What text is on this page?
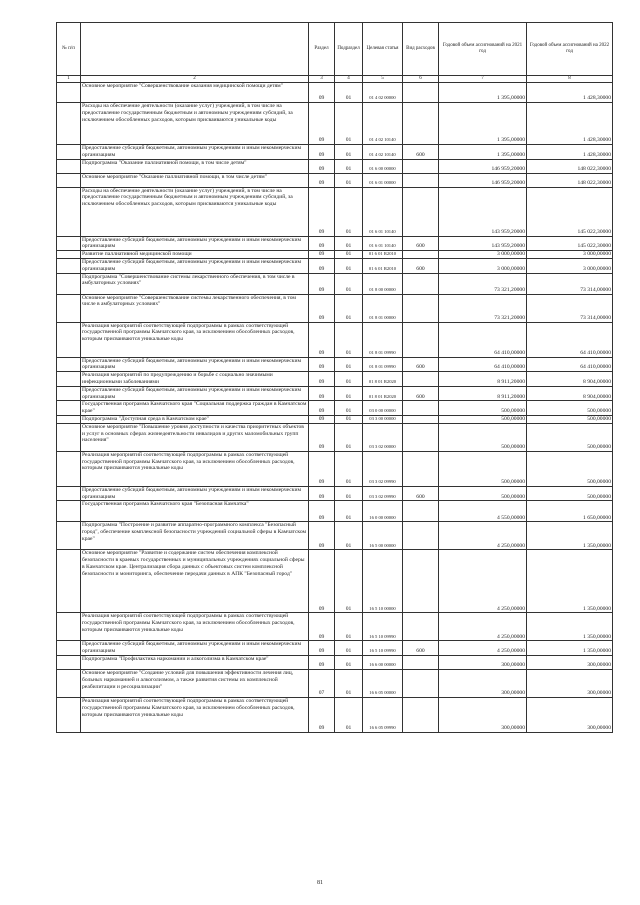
№ п/п		Раздел	Подраздел	Целевая статья	Вид расходов	Годовой объем ассигнований на 2021 год	Годовой объем ассигнований на 2022 год
1	2	3	4	5	6	7	8
	Основное мероприятие "Совершенствование оказания медицинской помощи детям"	09	01	01 4 02 00000		1 395,00000	1 428,30000
	Расходы на обеспечение деятельности (оказание услуг) учреждений, в том числе на предоставление государственным бюджетным и автономным учреждениям субсидий, за исключением обособленных расходов, которым присваиваются уникальные коды	09	01	01 4 02 10140		1 395,00000	1 428,30000
	Предоставление субсидий бюджетным, автономным учреждениям и иным некоммерческим организациям	09	01	01 4 02 10140	600	1 395,00000	1 428,30000
	Подпрограмма "Оказание паллиативной помощи, в том числе детям"	09	01	01 6 00 00000		146 959,20000	148 022,30000
	Основное мероприятие "Оказание паллиативной помощи, в том числе детям"	09	01	01 6 01 00000		146 959,20000	148 022,30000
	Расходы на обеспечение деятельности (оказание услуг) учреждений, в том числе на предоставление государственным бюджетным и автономным учреждениям субсидий, за исключением обособленных расходов, которым присваиваются уникальные коды	09	01	01 6 01 10140		143 959,20000	145 022,30000
	Предоставление субсидий бюджетным, автономным учреждениям и иным некоммерческим организациям	09	01	01 6 01 10140	600	143 959,20000	145 022,30000
	Развитие паллиативной медицинской помощи	09	01	01 6 01 R2010		3 000,00000	3 000,00000
	Предоставление субсидий бюджетным, автономным учреждениям и иным некоммерческим организациям	09	01	01 6 01 R2010	600	3 000,00000	3 000,00000
	Подпрограмма "Совершенствование системы лекарственного обеспечения, в том числе в амбулаторных условиях"	09	01	01 8 00 00000		73 321,20000	73 314,00000
	Основное мероприятие "Совершенствование системы лекарственного обеспечения, в том числе в амбулаторных условиях"	09	01	01 8 01 00000		73 321,20000	73 314,00000
	Реализация мероприятий соответствующей подпрограммы в рамках соответствующей государственной программы Камчатского края, за исключением обособленных расходов, которым присваиваются уникальные коды	09	01	01 8 01 09990		64 410,00000	64 410,00000
	Предоставление субсидий бюджетным, автономным учреждениям и иным некоммерческим организациям	09	01	01 8 01 09990	600	64 410,00000	64 410,00000
	Реализация мероприятий по предупреждению и борьбе с социально значимыми инфекционными заболеваниями	09	01	01 8 01 R2020		8 911,20000	8 904,00000
	Предоставление субсидий бюджетным, автономным учреждениям и иным некоммерческим организациям	09	01	01 8 01 R2020	600	8 911,20000	8 904,00000
	Государственная программа Камчатского края "Социальная поддержка граждан в Камчатском крае"	09	01	03 0 00 00000		500,00000	500,00000
	Подпрограмма "Доступная среда в Камчатском крае"	09	01	03 3 00 00000		500,00000	500,00000
	Основное мероприятие "Повышение уровня доступности и качества приоритетных объектов и услуг в основных сферах жизнедеятельности инвалидов и других маломобильных групп населения"	09	01	03 3 02 00000		500,00000	500,00000
	Реализация мероприятий соответствующей подпрограммы в рамках соответствующей государственной программы Камчатского края, за исключением обособленных расходов, которым присваиваются уникальные коды	09	01	03 3 02 09990		500,00000	500,00000
	Предоставление субсидий бюджетным, автономным учреждениям и иным некоммерческим организациям	09	01	03 3 02 09990	600	500,00000	500,00000
	Государственная программа Камчатского края "Безопасная Камчатка"	09	01	16 0 00 00000		4 550,00000	1 650,00000
	Подпрограмма "Построение и развитие аппаратно-программного комплекса "Безопасный город", обеспечение комплексной безопасности учреждений социальной сферы в Камчатском крае"	09	01	16 5 00 00000		4 250,00000	1 350,00000
	Основное мероприятие "Развитие и содержание систем обеспечения комплексной безопасности в краевых государственных и муниципальных учреждениях социальной сферы в Камчатском крае. Централизация сбора данных с объектовых систем комплексной безопасности и мониторинга, обеспечение передачи данных в АПК "Безопасный город"	09	01	16 5 10 00000		4 250,00000	1 350,00000
	Реализация мероприятий соответствующей подпрограммы в рамках соответствующей государственной программы Камчатского края, за исключением обособленных расходов, которым присваиваются уникальные коды	09	01	16 5 10 09990		4 250,00000	1 350,00000
	Предоставление субсидий бюджетным, автономным учреждениям и иным некоммерческим организациям	09	01	16 5 10 09990	600	4 250,00000	1 350,00000
	Подпрограмма "Профилактика наркомании и алкоголизма в Камчатском крае"	09	01	16 6 00 00000		300,00000	300,00000
	Основное мероприятие "Создание условий для повышения эффективности лечения лиц, больных наркоманией и алкоголизмом, а также развития системы их комплексной реабилитации и ресоциализации"	07	01	16 6 05 00000		300,00000	300,00000
	Реализация мероприятий соответствующей подпрограммы в рамках соответствующей государственной программы Камчатского края, за исключением обособленных расходов, которым присваиваются уникальные коды	09	01	16 6 05 09990		300,00000	300,00000
81
